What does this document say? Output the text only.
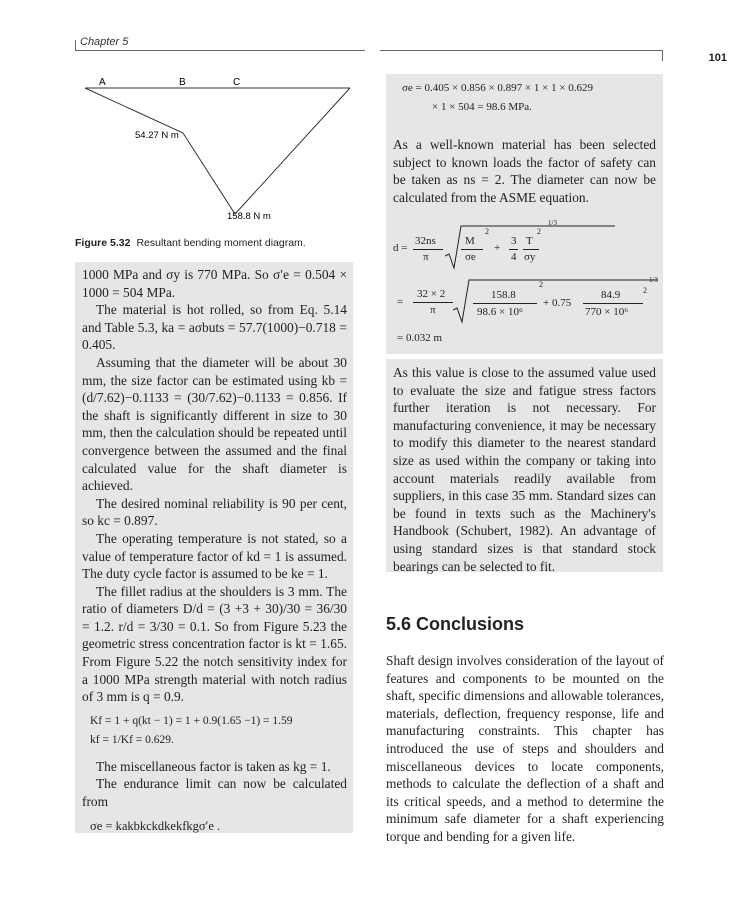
Chapter 5
101
A	B	C
54.27 N m
158.8 N m
Figure 5.32 Resultant bending moment diagram.

1000 MPa and σy is 770 MPa. So σ′e = 0.504 × 1000 = 504 MPa.

The material is hot rolled, so from Eq. 5.14 and Table 5.3, ka = aσbuts = 57.7(1000)−0.718 = 0.405.

Assuming that the diameter will be about 30 mm, the size factor can be estimated using kb = (d/7.62)−0.1133 = (30/7.62)−0.1133 = 0.856. If the shaft is significantly different in size to 30 mm, then the calculation should be repeated until convergence between the assumed and the final calculated value for the shaft diameter is achieved.

The desired nominal reliability is 90 per cent, so kc = 0.897.

The operating temperature is not stated, so a value of temperature factor of kd = 1 is assumed. The duty cycle factor is assumed to be ke = 1.

The fillet radius at the shoulders is 3 mm. The ratio of diameters D/d = (3 +3 + 30)/30 = 36/30 = 1.2. r/d = 3/30 = 0.1. So from Figure 5.23 the geometric stress concentration factor is kt = 1.65. From Figure 5.22 the notch sensitivity index for a 1000 MPa strength material with notch radius of 3 mm is q = 0.9.

Kf = 1 + q(kt − 1) = 1 + 0.9(1.65 −1) = 1.59
kf = 1/Kf = 0.629.

The miscellaneous factor is taken as kg = 1.

The endurance limit can now be calculated from

σe = kakbkckdkekfkgσ′e .
σe = 0.405 × 0.856 × 0.897 × 1 × 1 × 0.629
× 1 × 504 = 98.6 MPa.
As a well-known material has been selected subject to known loads the factor of safety can be taken as ns = 2. The diameter can now be calculated from the ASME equation.
d =
32ns
π
M
σe
2
+
3
4
T
σy
2
1/3
=
32 × 2
π
158.8
98.6 × 10⁶
2
+ 0.75
84.9
770 × 10⁶
2
1/3
= 0.032 m
As this value is close to the assumed value used to evaluate the size and fatigue stress factors further iteration is not necessary. For manufacturing convenience, it may be necessary to modify this diameter to the nearest standard size as used within the company or taking into account materials readily available from suppliers, in this case 35 mm. Standard sizes can be found in texts such as the Machinery's Handbook (Schubert, 1982). An advantage of using standard sizes is that standard stock bearings can be selected to fit.
5.6 Conclusions
Shaft design involves consideration of the layout of features and components to be mounted on the shaft, specific dimensions and allowable tolerances, materials, deflection, frequency response, life and manufacturing constraints. This chapter has introduced the use of steps and shoulders and miscellaneous devices to locate components, methods to calculate the deflection of a shaft and its critical speeds, and a method to determine the minimum safe diameter for a shaft experiencing torque and bending for a given life.
